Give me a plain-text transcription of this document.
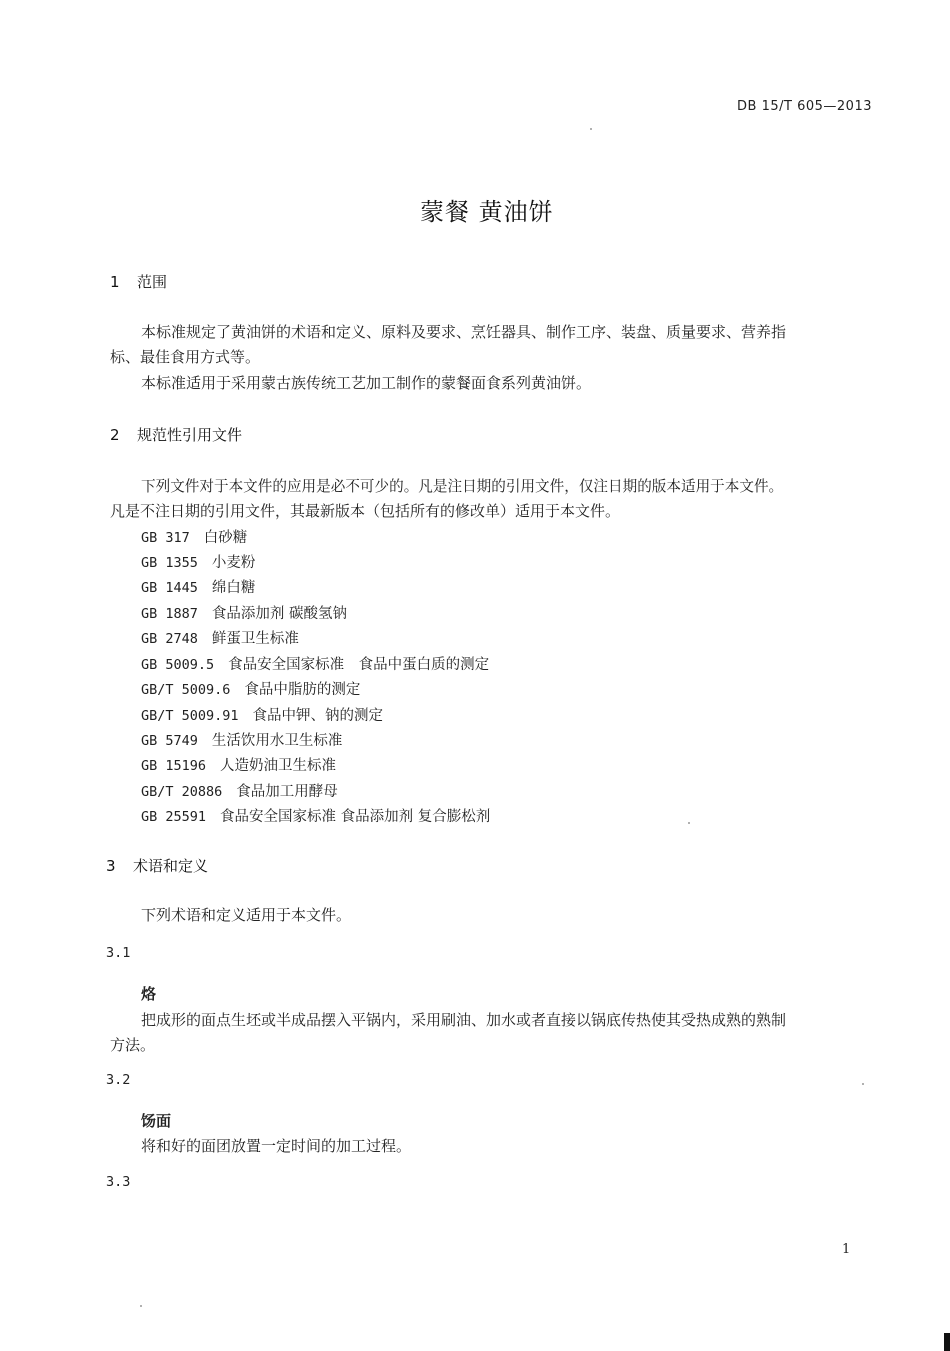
DB 15/T 605—2013
蒙餐 黄油饼
1 范围
本标准规定了黄油饼的术语和定义、原料及要求、烹饪器具、制作工序、装盘、质量要求、营养指
标、最佳食用方式等。
本标准适用于采用蒙古族传统工艺加工制作的蒙餐面食系列黄油饼。
2 规范性引用文件
下列文件对于本文件的应用是必不可少的。凡是注日期的引用文件，仅注日期的版本适用于本文件。
凡是不注日期的引用文件，其最新版本（包括所有的修改单）适用于本文件。
GB 317 白砂糖
GB 1355 小麦粉
GB 1445 绵白糖
GB 1887 食品添加剂 碳酸氢钠
GB 2748 鲜蛋卫生标准
GB 5009.5 食品安全国家标准　食品中蛋白质的测定
GB/T 5009.6 食品中脂肪的测定
GB/T 5009.91 食品中钾、钠的测定
GB 5749 生活饮用水卫生标准
GB 15196 人造奶油卫生标准
GB/T 20886 食品加工用酵母
GB 25591 食品安全国家标准 食品添加剂 复合膨松剂
3 术语和定义
下列术语和定义适用于本文件。
3.1
烙
把成形的面点生坯或半成品摆入平锅内，采用刷油、加水或者直接以锅底传热使其受热成熟的熟制
方法。
3.2
饧面
将和好的面团放置一定时间的加工过程。
3.3
1
